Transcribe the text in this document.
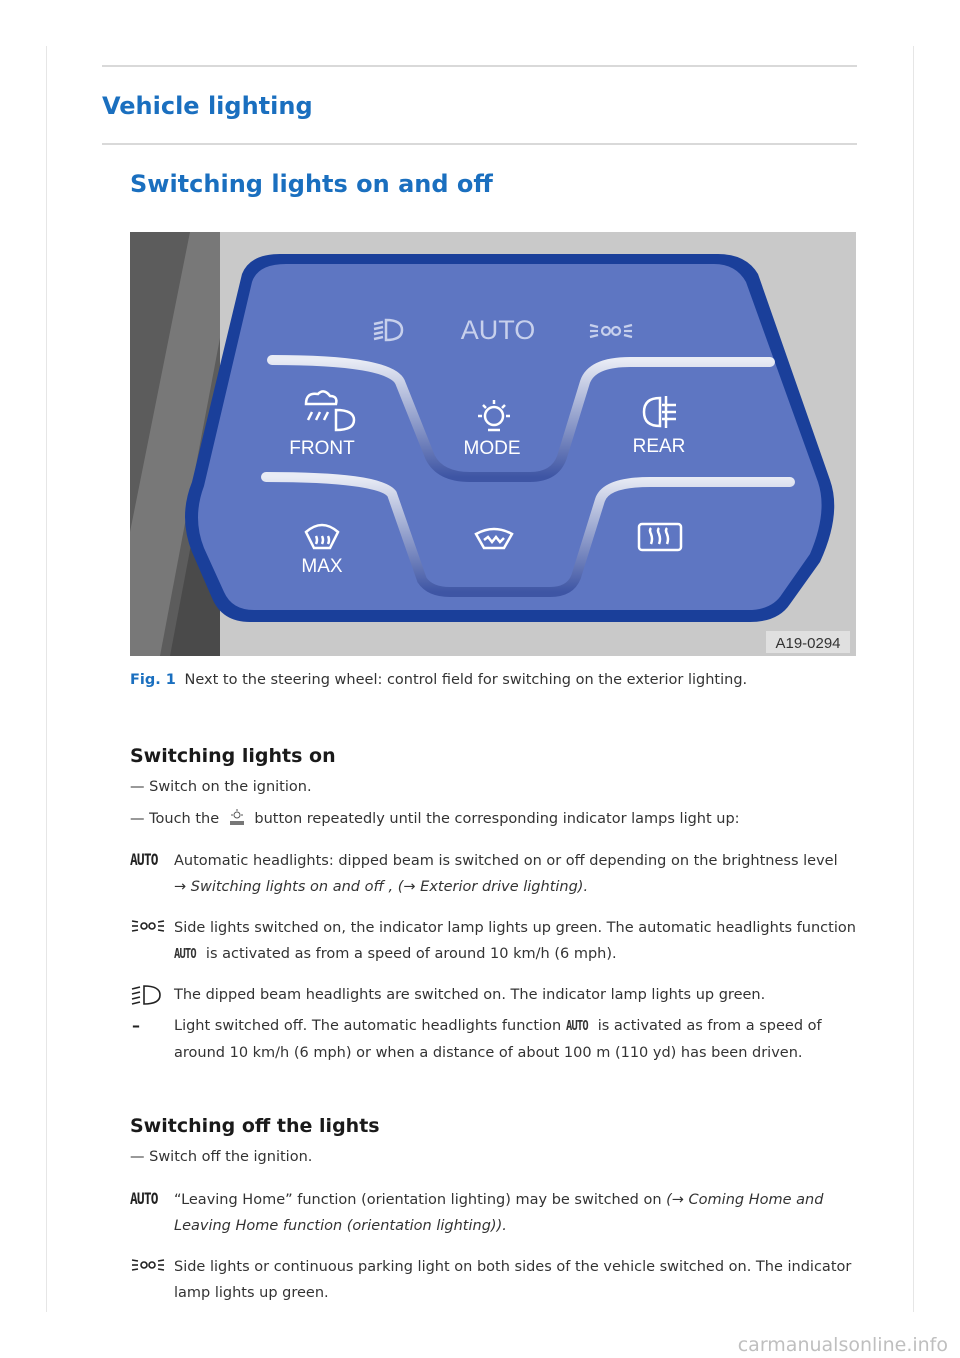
Vehicle lighting
Switching lights on and off
AUTO
FRONT	MODE	REAR
MAX
A19-0294
Fig. 1 Next to the steering wheel: control field for switching on the exterior lighting.
Switching lights on
— Switch on the ignition.
— Touch the button repeatedly until the corresponding indicator lamps light up:
AUTO Automatic headlights: dipped beam is switched on or off depending on the brightness level
→ Switching lights on and off , (→ Exterior drive lighting).
Side lights switched on, the indicator lamp lights up green. The automatic headlights function AUTO is activated as from a speed of around 10 km/h (6 mph).
The dipped beam headlights are switched on. The indicator lamp lights up green.
–	Light switched off. The automatic headlights function AUTO is activated as from a speed of around 10 km/h (6 mph) or when a distance of about 100 m (110 yd) has been driven.
Switching off the lights
— Switch off the ignition.
AUTO “Leaving Home” function (orientation lighting) may be switched on (→ Coming Home and Leaving Home function (orientation lighting)).
Side lights or continuous parking light on both sides of the vehicle switched on. The indicator lamp lights up green.
carmanualsonline.info
